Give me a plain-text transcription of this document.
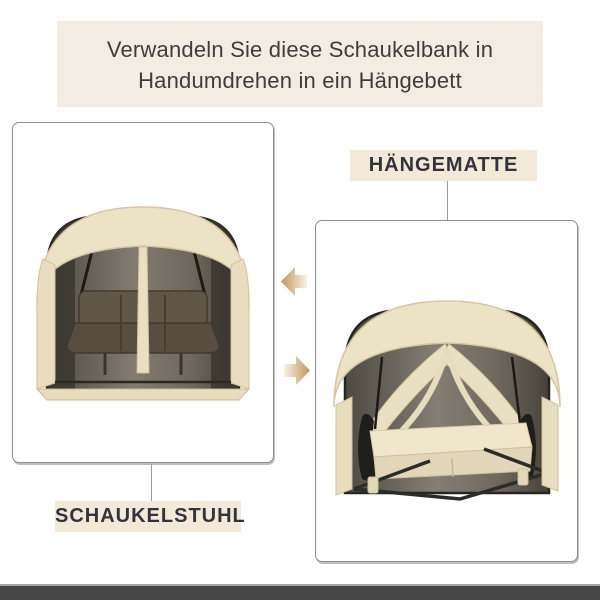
Verwandeln Sie diese Schaukelbank in
Handumdrehen in ein Hängebett
HÄNGEMATTE
SCHAUKELSTUHL
